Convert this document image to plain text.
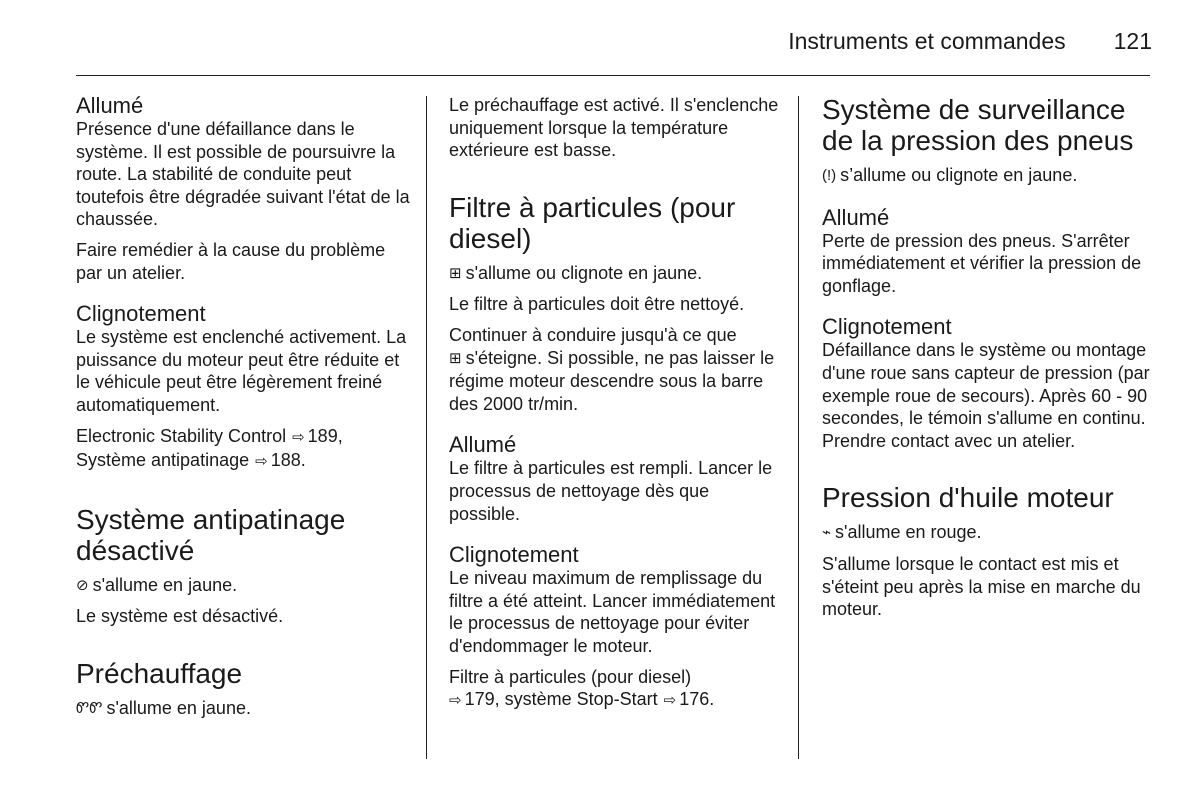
Instruments et commandes 121
Allumé

Présence d'une défaillance dans le système. Il est possible de poursuivre la route. La stabilité de conduite peut toutefois être dégradée suivant l'état de la chaussée.

Faire remédier à la cause du problème par un atelier.

Clignotement

Le système est enclenché activement. La puissance du moteur peut être réduite et le véhicule peut être légèrement freiné automatiquement.

Electronic Stability Control ⇨ 189,
Système antipatinage ⇨ 188.

Système antipatinage désactivé

⊘ s'allume en jaune.

Le système est désactivé.

Préchauffage

ᏛᏛ s'allume en jaune.

Le préchauffage est activé. Il s'enclenche uniquement lorsque la température extérieure est basse.

Filtre à particules (pour diesel)

⊞ s'allume ou clignote en jaune.

Le filtre à particules doit être nettoyé.

Continuer à conduire jusqu'à ce que
⊞ s'éteigne. Si possible, ne pas laisser le régime moteur descendre sous la barre des 2000 tr/min.

Allumé

Le filtre à particules est rempli. Lancer le processus de nettoyage dès que possible.

Clignotement

Le niveau maximum de remplissage du filtre a été atteint. Lancer immédiatement le processus de nettoyage pour éviter d'endommager le moteur.

Filtre à particules (pour diesel)
⇨ 179, système Stop-Start ⇨ 176.

Système de surveillance de la pression des pneus

(!) s’allume ou clignote en jaune.

Allumé

Perte de pression des pneus. S'arrêter immédiatement et vérifier la pression de gonflage.

Clignotement

Défaillance dans le système ou montage d'une roue sans capteur de pression (par exemple roue de secours). Après 60 - 90 secondes, le témoin s'allume en continu. Prendre contact avec un atelier.

Pression d'huile moteur

⌁ s'allume en rouge.

S'allume lorsque le contact est mis et s'éteint peu après la mise en marche du moteur.
